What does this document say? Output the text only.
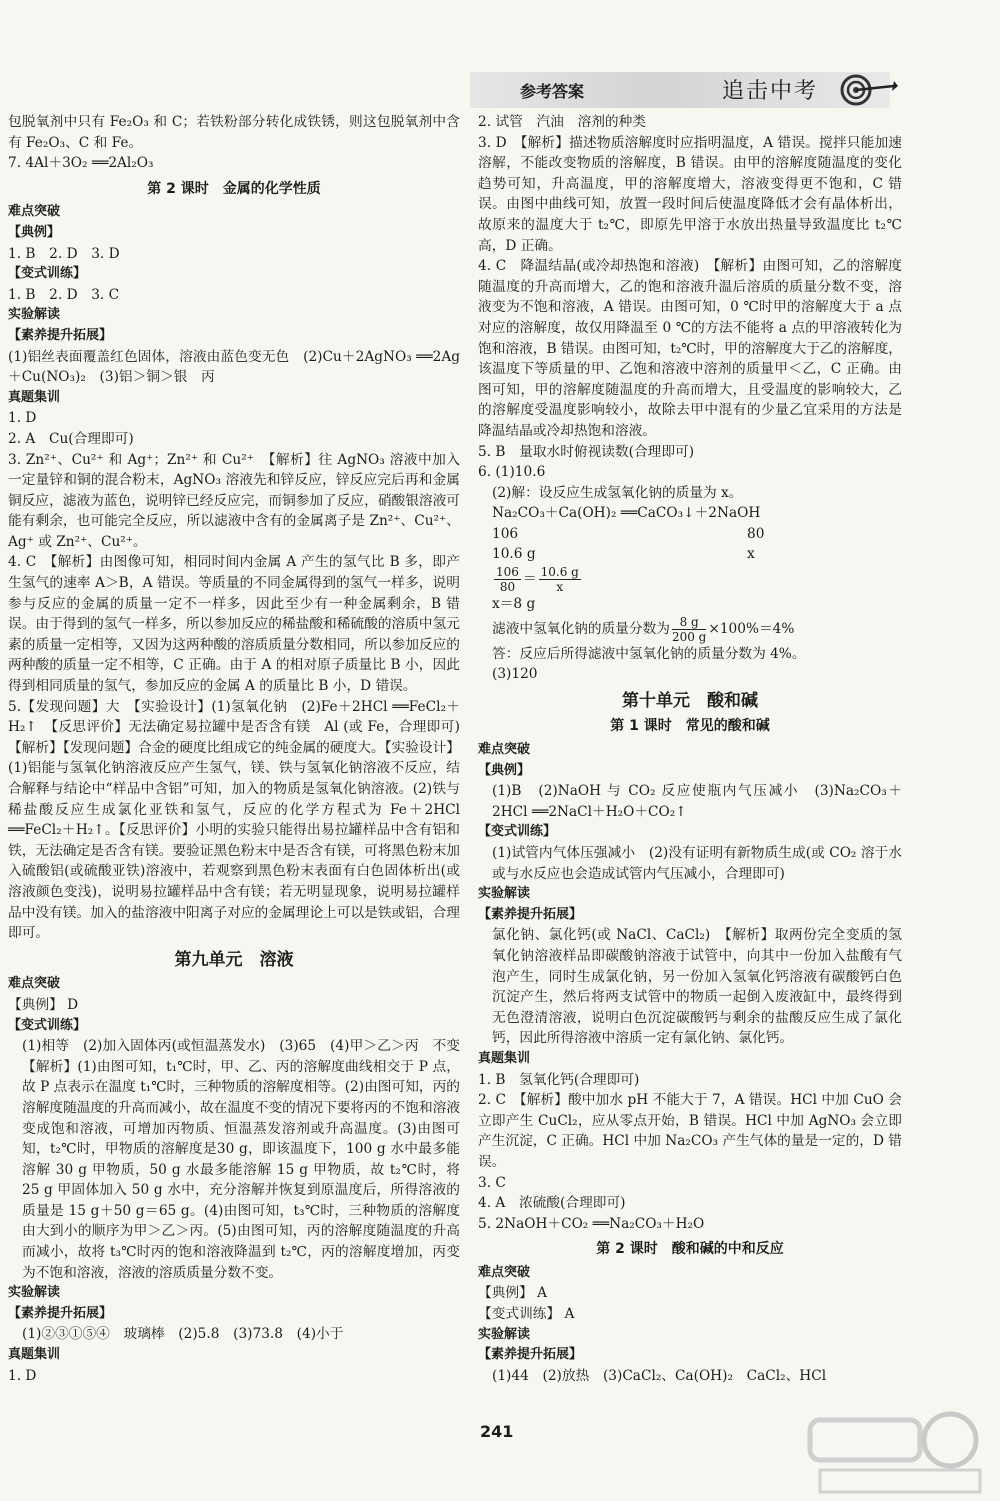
参考答案	追击中考

包脱氧剂中只有 Fe₂O₃ 和 C；若铁粉部分转化成铁锈，则这包脱氧剂中含有 Fe₂O₃、C 和 Fe。

7. 4Al＋3O₂ ══2Al₂O₃

第 2 课时　金属的化学性质

难点突破

【典例】

1. B　2. D　3. D

【变式训练】

1. B　2. D　3. C

实验解读

【素养提升拓展】

(1)铝丝表面覆盖红色固体，溶液由蓝色变无色　(2)Cu＋2AgNO₃ ══2Ag＋Cu(NO₃)₂　(3)铝＞铜＞银　丙

真题集训

1. D

2. A　Cu(合理即可)

3. Zn²⁺、Cu²⁺ 和 Ag⁺；Zn²⁺ 和 Cu²⁺　【解析】往 AgNO₃ 溶液中加入一定量锌和铜的混合粉末，AgNO₃ 溶液先和锌反应，锌反应完后再和金属铜反应，滤液为蓝色，说明锌已经反应完，而铜参加了反应，硝酸银溶液可能有剩余，也可能完全反应，所以滤液中含有的金属离子是 Zn²⁺、Cu²⁺、Ag⁺ 或 Zn²⁺、Cu²⁺。

4. C　【解析】由图像可知，相同时间内金属 A 产生的氢气比 B 多，即产生氢气的速率 A＞B，A 错误。等质量的不同金属得到的氢气一样多，说明参与反应的金属的质量一定不一样多，因此至少有一种金属剩余，B 错误。由于得到的氢气一样多，所以参加反应的稀盐酸和稀硫酸的溶质中氢元素的质量一定相等，又因为这两种酸的溶质质量分数相同，所以参加反应的两种酸的质量一定不相等，C 正确。由于 A 的相对原子质量比 B 小，因此得到相同质量的氢气，参加反应的金属 A 的质量比 B 小，D 错误。

5.【发现问题】大　【实验设计】(1)氢氧化钠　(2)Fe＋2HCl ══FeCl₂＋H₂↑　【反思评价】无法确定易拉罐中是否含有镁　Al (或 Fe，合理即可)　【解析】【发现问题】合金的硬度比组成它的纯金属的硬度大。【实验设计】(1)铝能与氢氧化钠溶液反应产生氢气，镁、铁与氢氧化钠溶液不反应，结合解释与结论中“样品中含铝”可知，加入的物质是氢氧化钠溶液。(2)铁与稀盐酸反应生成氯化亚铁和氢气，反应的化学方程式为 Fe＋2HCl ══FeCl₂＋H₂↑。【反思评价】小明的实验只能得出易拉罐样品中含有铝和铁，无法确定是否含有镁。要验证黑色粉末中是否含有镁，可将黑色粉末加入硫酸铝(或硫酸亚铁)溶液中，若观察到黑色粉末表面有白色固体析出(或溶液颜色变浅)，说明易拉罐样品中含有镁；若无明显现象，说明易拉罐样品中没有镁。加入的盐溶液中阳离子对应的金属理论上可以是铁或铝，合理即可。

第九单元　溶液

难点突破

【典例】 D

【变式训练】

(1)相等　(2)加入固体丙(或恒温蒸发水)　(3)65　(4)甲＞乙＞丙　不变　【解析】(1)由图可知，t₁℃时，甲、乙、丙的溶解度曲线相交于 P 点，故 P 点表示在温度 t₁℃时，三种物质的溶解度相等。(2)由图可知，丙的溶解度随温度的升高而减小，故在温度不变的情况下要将丙的不饱和溶液变成饱和溶液，可增加丙物质、恒温蒸发溶剂或升高温度。(3)由图可知，t₂℃时，甲物质的溶解度是30 g，即该温度下，100 g 水中最多能溶解 30 g 甲物质，50 g 水最多能溶解 15 g 甲物质，故 t₂℃时，将 25 g 甲固体加入 50 g 水中，充分溶解并恢复到原温度后，所得溶液的质量是 15 g＋50 g＝65 g。(4)由图可知，t₃℃时，三种物质的溶解度由大到小的顺序为甲＞乙＞丙。(5)由图可知，丙的溶解度随温度的升高而减小，故将 t₃℃时丙的饱和溶液降温到 t₂℃，丙的溶解度增加，丙变为不饱和溶液，溶液的溶质质量分数不变。

实验解读

【素养提升拓展】

(1)②③①⑤④　玻璃棒　(2)5.8　(3)73.8　(4)小于

真题集训

1. D

2. 试管　汽油　溶剂的种类

3. D　【解析】描述物质溶解度时应指明温度，A 错误。搅拌只能加速溶解，不能改变物质的溶解度，B 错误。由甲的溶解度随温度的变化趋势可知，升高温度，甲的溶解度增大，溶液变得更不饱和，C 错误。由图中曲线可知，放置一段时间后使温度降低才会有晶体析出，故原来的温度大于 t₂℃，即原先甲溶于水放出热量导致温度比 t₂℃高，D 正确。

4. C　降温结晶(或冷却热饱和溶液)　【解析】由图可知，乙的溶解度随温度的升高而增大，乙的饱和溶液升温后溶质的质量分数不变，溶液变为不饱和溶液，A 错误。由图可知，0 ℃时甲的溶解度大于 a 点对应的溶解度，故仅用降温至 0 ℃的方法不能将 a 点的甲溶液转化为饱和溶液，B 错误。由图可知，t₂℃时，甲的溶解度大于乙的溶解度，该温度下等质量的甲、乙饱和溶液中溶剂的质量甲＜乙，C 正确。由图可知，甲的溶解度随温度的升高而增大，且受温度的影响较大，乙的溶解度受温度影响较小，故除去甲中混有的少量乙宜采用的方法是降温结晶或冷却热饱和溶液。

5. B　量取水时俯视读数(合理即可)

6. (1)10.6

(2)解：设反应生成氢氧化钠的质量为 x。

Na₂CO₃＋Ca(OH)₂ ══CaCO₃↓＋2NaOH

106	80

10.6 g	x

$\frac{106}{80} = \frac{10.6 g}{x}$

x＝8 g

滤液中氢氧化钠的质量分数为 $\frac{8 g}{200 g} \times 100\%=4\%$

答：反应后所得滤液中氢氧化钠的质量分数为 4%。

(3)120

第十单元　酸和碱

第 1 课时　常见的酸和碱

难点突破

【典例】

(1)B　(2)NaOH 与 CO₂ 反应使瓶内气压减小　(3)Na₂CO₃＋2HCl ══2NaCl＋H₂O＋CO₂↑

【变式训练】

(1)试管内气体压强减小　(2)没有证明有新物质生成(或 CO₂ 溶于水或与水反应也会造成试管内气压减小，合理即可)

实验解读

【素养提升拓展】

氯化钠、氯化钙(或 NaCl、CaCl₂)　【解析】取两份完全变质的氢氧化钠溶液样品即碳酸钠溶液于试管中，向其中一份加入盐酸有气泡产生，同时生成氯化钠，另一份加入氢氧化钙溶液有碳酸钙白色沉淀产生，然后将两支试管中的物质一起倒入废液缸中，最终得到无色澄清溶液，说明白色沉淀碳酸钙与剩余的盐酸反应生成了氯化钙，因此所得溶液中溶质一定有氯化钠、氯化钙。

真题集训

1. B　氢氧化钙(合理即可)

2. C　【解析】酸中加水 pH 不能大于 7，A 错误。HCl 中加 CuO 会立即产生 CuCl₂，应从零点开始，B 错误。HCl 中加 AgNO₃ 会立即产生沉淀，C 正确。HCl 中加 Na₂CO₃ 产生气体的量是一定的，D 错误。

3. C

4. A　浓硫酸(合理即可)

5. 2NaOH＋CO₂ ══Na₂CO₃＋H₂O

第 2 课时　酸和碱的中和反应

难点突破

【典例】 A

【变式训练】 A

实验解读

【素养提升拓展】

(1)44　(2)放热　(3)CaCl₂、Ca(OH)₂　CaCl₂、HCl

241
